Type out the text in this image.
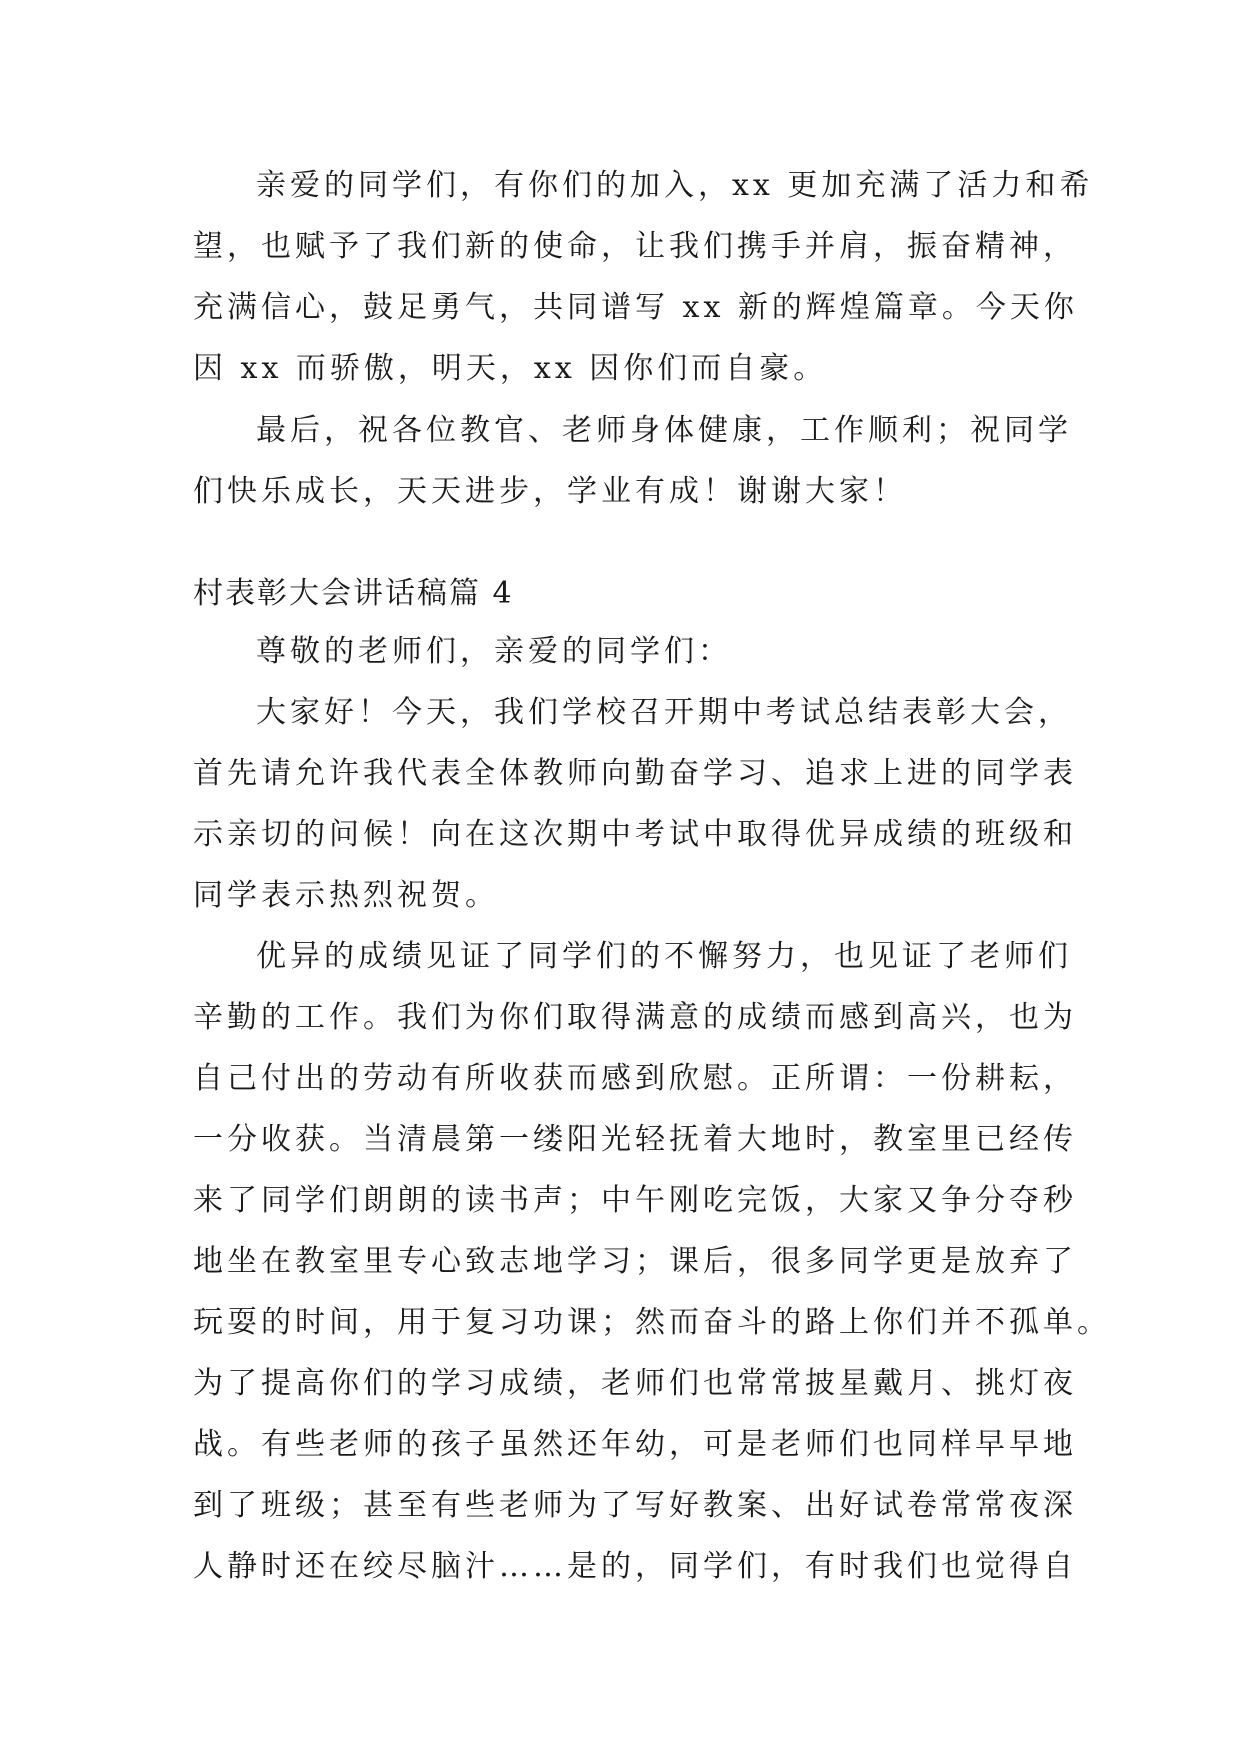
亲爱的同学们，有你们的加入，xx 更加充满了活力和希
望，也赋予了我们新的使命，让我们携手并肩，振奋精神，
充满信心，鼓足勇气，共同谱写 xx 新的辉煌篇章。今天你
因 xx 而骄傲，明天，xx 因你们而自豪。
最后，祝各位教官、老师身体健康，工作顺利；祝同学
们快乐成长，天天进步，学业有成！谢谢大家！
村表彰大会讲话稿篇 4
尊敬的老师们，亲爱的同学们：
大家好！今天，我们学校召开期中考试总结表彰大会，
首先请允许我代表全体教师向勤奋学习、追求上进的同学表
示亲切的问候！向在这次期中考试中取得优异成绩的班级和
同学表示热烈祝贺。
优异的成绩见证了同学们的不懈努力，也见证了老师们
辛勤的工作。我们为你们取得满意的成绩而感到高兴，也为
自己付出的劳动有所收获而感到欣慰。正所谓：一份耕耘，
一分收获。当清晨第一缕阳光轻抚着大地时，教室里已经传
来了同学们朗朗的读书声；中午刚吃完饭，大家又争分夺秒
地坐在教室里专心致志地学习；课后，很多同学更是放弃了
玩耍的时间，用于复习功课；然而奋斗的路上你们并不孤单。
为了提高你们的学习成绩，老师们也常常披星戴月、挑灯夜
战。有些老师的孩子虽然还年幼，可是老师们也同样早早地
到了班级；甚至有些老师为了写好教案、出好试卷常常夜深
人静时还在绞尽脑汁……是的，同学们，有时我们也觉得自
